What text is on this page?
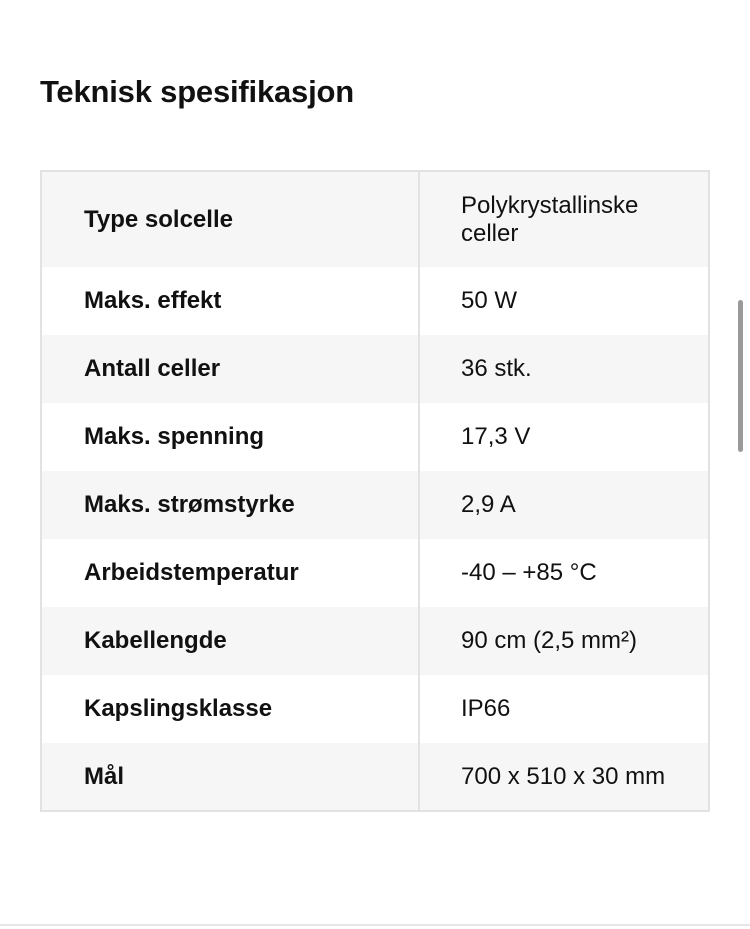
Teknisk spesifikasjon
Type solcelle	Polykrystallinske celler
Maks. effekt	50 W
Antall celler	36 stk.
Maks. spenning	17,3 V
Maks. strømstyrke	2,9 A
Arbeidstemperatur	-40 – +85 °C
Kabellengde	90 cm (2,5 mm²)
Kapslingsklasse	IP66
Mål	700 x 510 x 30 mm
